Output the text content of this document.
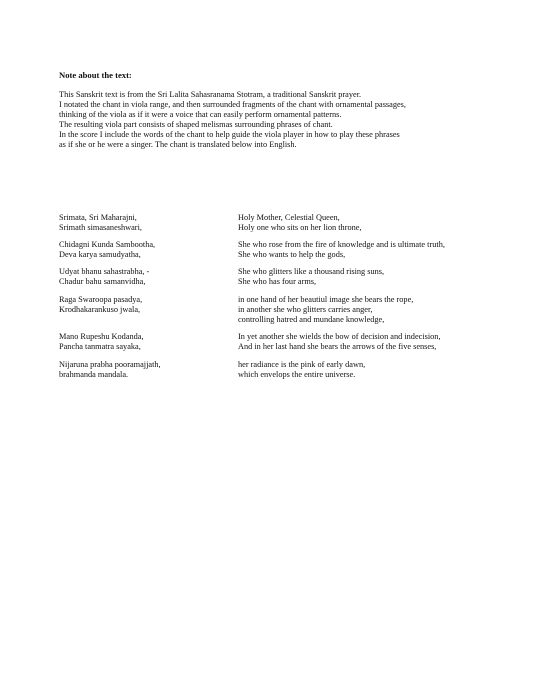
Note about the text:
This Sanskrit text is from the Sri Lalita Sahasranama Stotram, a traditional Sanskrit prayer.
I notated the chant in viola range, and then surrounded fragments of the chant with ornamental passages,
thinking of the viola as if it were a voice that can easily perform ornamental patterns.
The resulting viola part consists of shaped melismas surrounding phrases of chant.
In the score I include the words of the chant to help guide the viola player in how to play these phrases
as if she or he were a singer. The chant is translated below into English.
Srimata, Sri Maharajni,
Srimath simasaneshwari,
Holy Mother, Celestial Queen,
Holy one who sits on her lion throne,
Chidagni Kunda Sambootha,
Deva karya samudyatha,
She who rose from the fire of knowledge and is ultimate truth,
She who wants to help the gods,
Udyat bhanu sahastrabha, -
Chadur bahu samanvidha,
She who glitters like a thousand rising suns,
She who has four arms,
Raga Swaroopa pasadya,
Krodhakarankuso jwala,
in one hand of her beautiul image she bears the rope,
in another she who glitters carries anger,
controlling hatred and mundane knowledge,
Mano Rupeshu Kodanda,
Pancha tanmatra sayaka,
In yet another she wields the bow of decision and indecision,
And in her last hand she bears the arrows of the five senses,
Nijaruna prabha pooramajjath,
brahmanda mandala.
her radiance is the pink of early dawn,
which envelops the entire universe.
